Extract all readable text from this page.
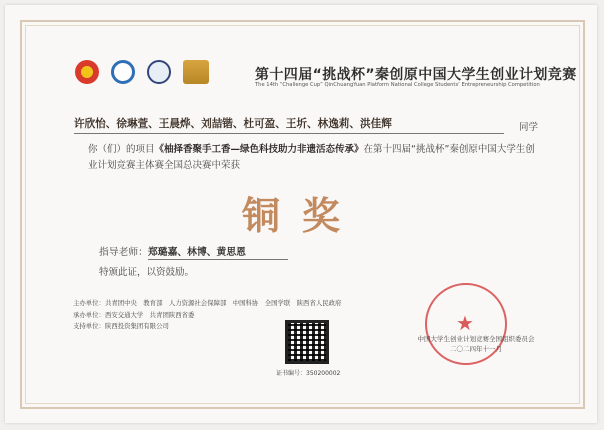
第十四届“挑战杯”秦创原中国大学生创业计划竞赛
The 14th “Challenge Cup” QinChuangYuan Platform National College Students’ Entrepreneurship Competition
许欣怡、徐琳萱、王晨烨、刘喆锴、杜可盈、王圻、林逸莉、洪佳辉	同学
你（们）的项目《柚择香聚手工香—绿色科技助力非遗活态传承》在第十四届“挑战杯”秦创原中国大学生创业计划竞赛主体赛全国总决赛中荣获
铜奖
指导老师：郑璐嘉、林博、黄思恩
特颁此证，以资鼓励。
主办单位：共青团中央　教育部　人力资源社会保障部　中国科协　全国学联　陕西省人民政府
承办单位：西安交通大学　共青团陕西省委
支持单位：陕西投资集团有限公司
证书编号：350200002
★
中国大学生创业计划竞赛全国组织委员会
二〇二四年十一月
